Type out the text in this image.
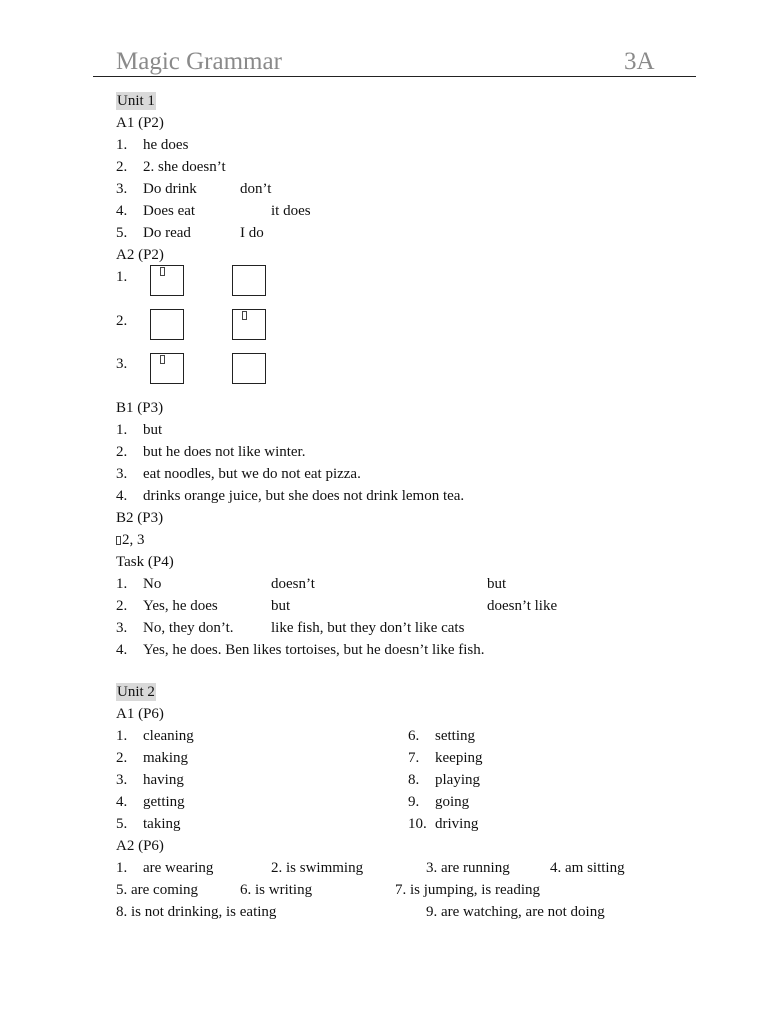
Magic Grammar	3A
Unit 1
A1 (P2)
1. he does
2. 2. she doesn’t
3. Do drink	don’t
4. Does eat	it does
5. Do read	I do
A2 (P2)
1.
2.
3.
B1 (P3)
1. but
2. but he does not like winter.
3. eat noodles, but we do not eat pizza.
4. drinks orange juice, but she does not drink lemon tea.
B2 (P3)
2, 3
Task (P4)
1. No	doesn’t	but
2. Yes, he does	but	doesn’t like
3. No, they don’t. like fish, but they don’t like cats
4. Yes, he does. Ben likes tortoises, but he doesn’t like fish.
Unit 2
A1 (P6)
1. cleaning
2. making
3. having
4. getting
5. taking
6. setting
7. keeping
8. playing
9. going
10. driving
A2 (P6)
1. are wearing	2. is swimming	3. are running	4. am sitting
5. are coming	6. is writing	7. is jumping, is reading
8. is not drinking, is eating	9. are watching, are not doing
